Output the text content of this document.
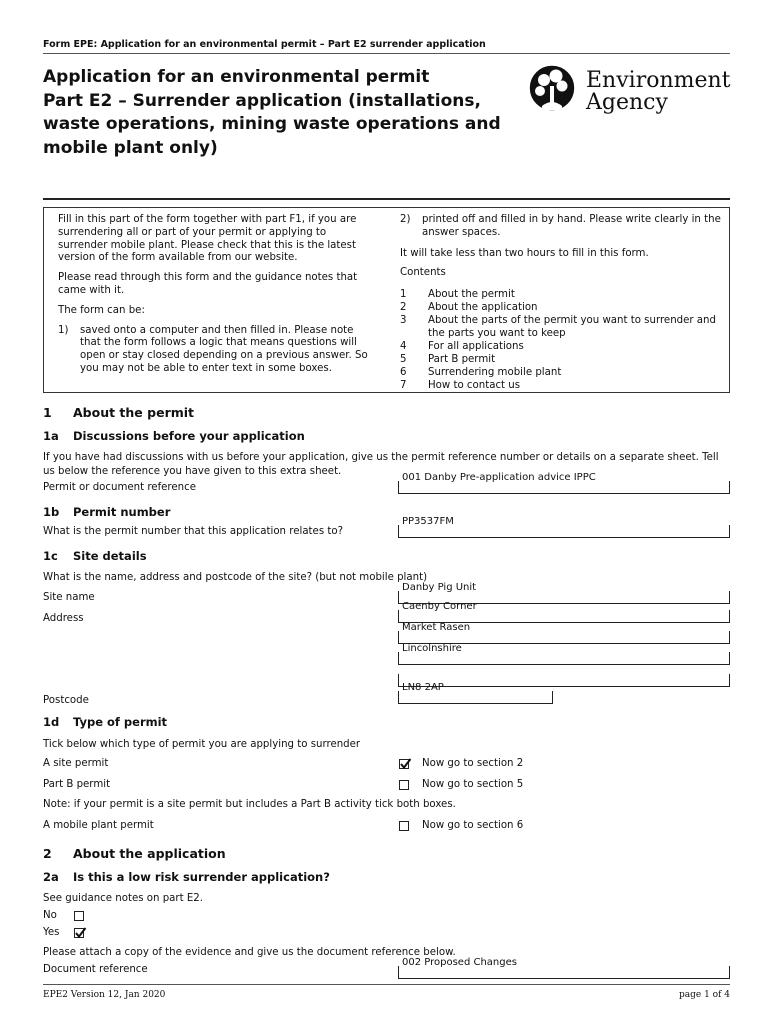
Form EPE: Application for an environmental permit – Part E2 surrender application
Application for an environmental permit
Part E2 – Surrender application (installations,
waste operations, mining waste operations and
mobile plant only)
Environment
Agency

Fill in this part of the form together with part F1, if you are surrendering all or part of your permit or applying to surrender mobile plant. Please check that this is the latest version of the form available from our website.

Please read through this form and the guidance notes that came with it.

The form can be:

1)	saved onto a computer and then filled in. Please note that the form follows a logic that means questions will open or stay closed depending on a previous answer. So you may not be able to enter text in some boxes.
2)	printed off and filled in by hand. Please write clearly in the answer spaces.

It will take less than two hours to fill in this form.

Contents

1	About the permit
2	About the application
3	About the parts of the permit you want to surrender and the parts you want to keep
4	For all applications
5	Part B permit
6	Surrendering mobile plant
7	How to contact us
1 About the permit
1a Discussions before your application
If you have had discussions with us before your application, give us the permit reference number or details on a separate sheet. Tell us below the reference you have given to this extra sheet.
Permit or document reference
001 Danby Pre-application advice IPPC
1b Permit number
What is the permit number that this application relates to?
PP3537FM
1c Site details
What is the name, address and postcode of the site? (but not mobile plant)
Site name
Danby Pig Unit
Address
Caenby Corner
Market Rasen
Lincolnshire
Postcode
LN8 2AP
1d Type of permit
Tick below which type of permit you are applying to surrender
A site permit	Now go to section 2
Part B permit	Now go to section 5
Note: if your permit is a site permit but includes a Part B activity tick both boxes.
A mobile plant permit	Now go to section 6
2 About the application
2a Is this a low risk surrender application?
See guidance notes on part E2.
No
Yes
Please attach a copy of the evidence and give us the document reference below.
Document reference
002 Proposed Changes
EPE2 Version 12, Jan 2020	page 1 of 4
